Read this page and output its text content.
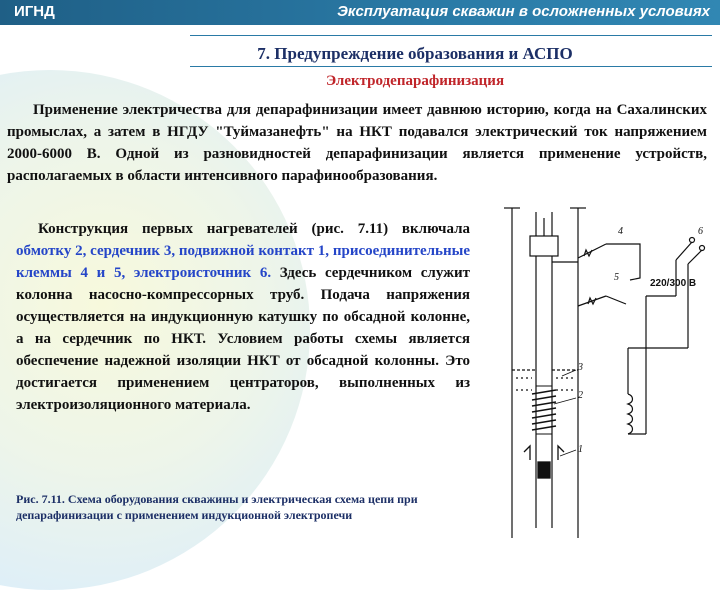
ИГНД	Эксплуатация скважин в осложненных условиях
7. Предупреждение образования и АСПО
Электродепарафинизация
Применение электричества для депарафинизации имеет давнюю историю, когда на Сахалинских промыслах, а затем в НГДУ "Туймазанефть" на НКТ подавался электрический ток напряжением 2000-6000 В. Одной из разновидностей депарафинизации является применение устройств, располагаемых в области интенсивного парафинообразования.
Конструкция первых нагревателей (рис. 7.11) включала обмотку 2, сердечник 3, подвижной контакт 1, присоединительные клеммы 4 и 5, электроисточник 6. Здесь сердечником служит колонна насосно-компрессорных труб. Подача напряжения осуществляется на индукционную катушку по обсадной колонне, а на сердечник по НКТ. Условием работы схемы является обеспечение надежной изоляции НКТ от обсадной колонны. Это достигается применением центраторов, выполненных из электроизоляционного материала.
Рис. 7.11. Схема оборудования скважины и электрическая схема цепи при депарафинизации с применением индукционной электропечи
4
5
3
2
1
6
220/300 В
